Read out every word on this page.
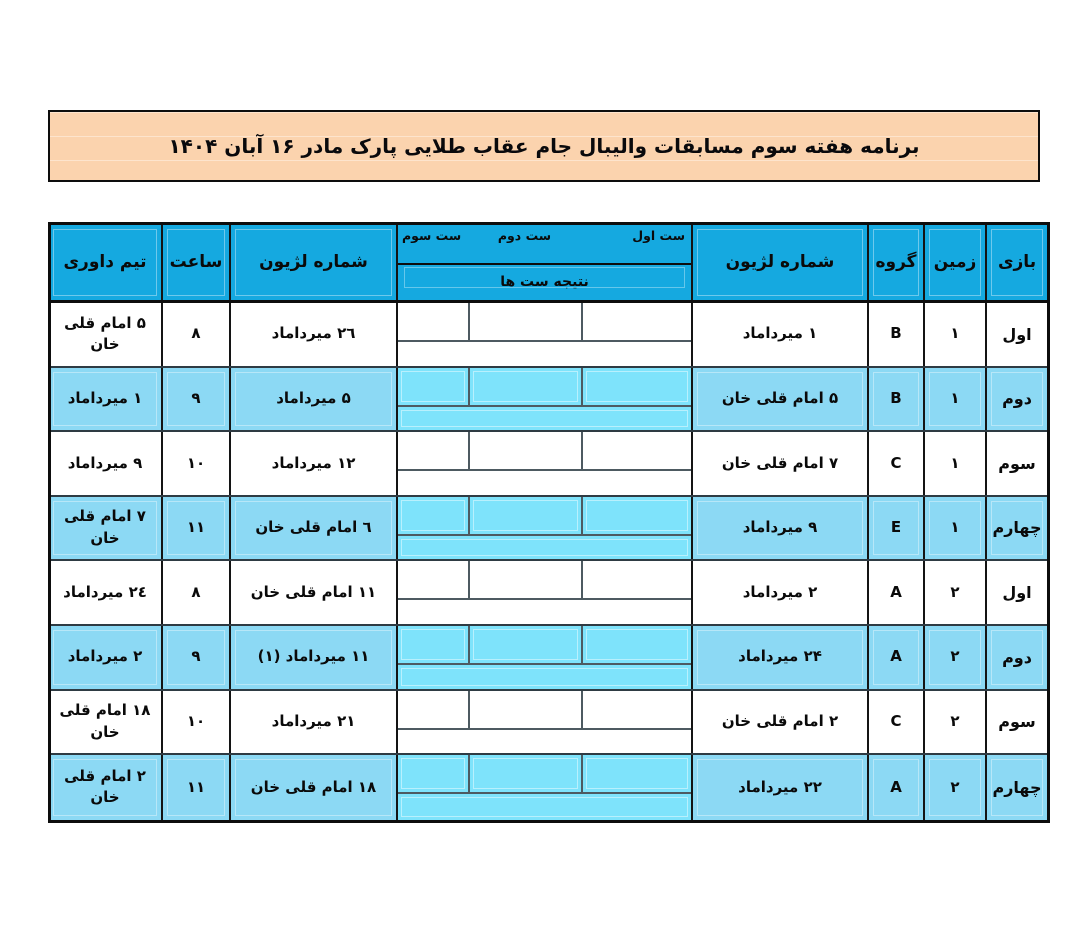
برنامه هفته سوم مسابقات والیبال جام عقاب طلایی پارک مادر ۱۶ آبان ۱۴۰۴
بازی
زمین
گروه
شماره لژیون
ست اول
ست دوم
ست سوم
نتیجه ست ها
شماره لژیون
ساعت
تیم داوری
اول
۱
B
۱ میرداماد
۲٦ میرداماد
٨
۵ امام قلی خان
دوم
۱
B
۵ امام قلی خان
۵ میرداماد
۹
۱ میرداماد
سوم
۱
C
۷ امام قلی خان
۱۲ میرداماد
۱۰
۹ میرداماد
چهارم
۱
E
۹ میرداماد
٦ امام قلی خان
۱۱
۷ امام قلی خان
اول
۲
A
۲ میرداماد
۱۱ امام قلی خان
٨
۲٤ میرداماد
دوم
۲
A
۲۴ میرداماد
۱۱ میرداماد (۱)
۹
۲ میرداماد
سوم
۲
C
۲ امام قلی خان
۲۱ میرداماد
۱۰
۱۸ امام قلی خان
چهارم
۲
A
۲۲ میرداماد
۱۸ امام قلی خان
۱۱
۲ امام قلی خان
